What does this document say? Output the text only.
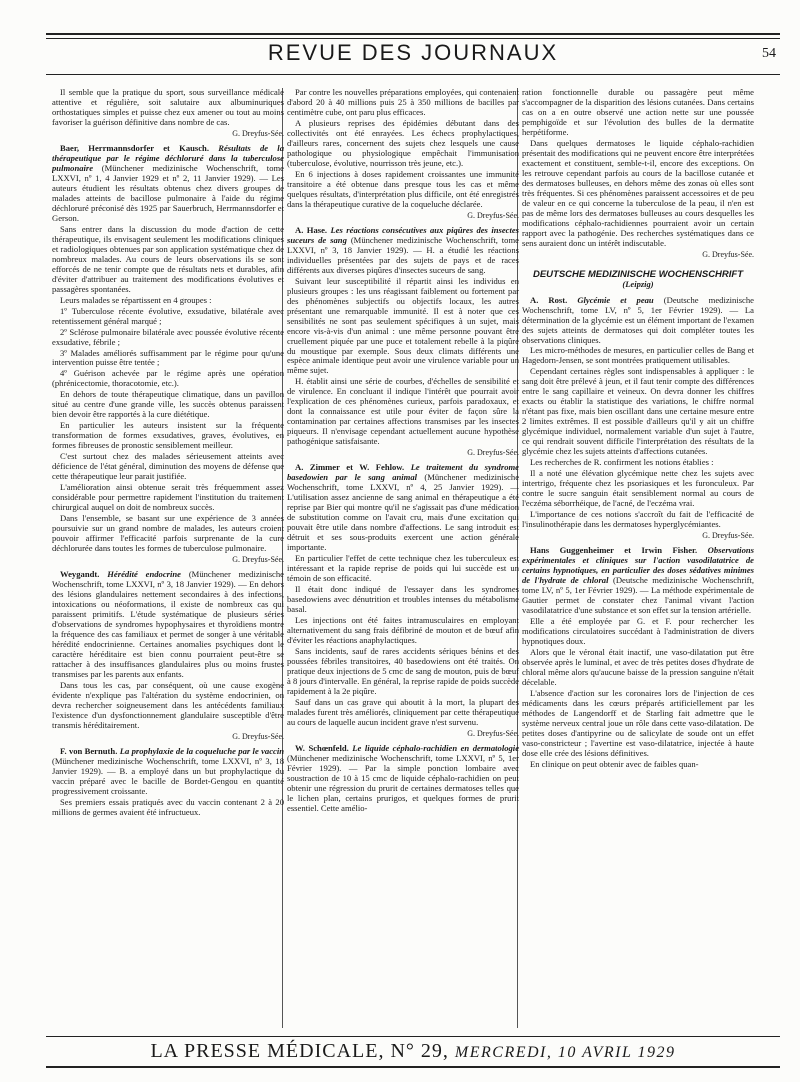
REVUE DES JOURNAUX	54

Il semble que la pratique du sport, sous surveillance médicale attentive et régulière, soit salutaire aux albuminuriques orthostatiques simples et puisse chez eux amener ou tout au moins favoriser la guérison définitive dans nombre de cas.

G. Dreyfus-Sée.

Baer, Herrmannsdorfer et Kausch. Résultats de la thérapeutique par le régime déchloruré dans la tuberculose pulmonaire (Münchener medizinische Wochenschrift, tome LXXVI, nº 1, 4 Janvier 1929 et nº 2, 11 Janvier 1929). — Les auteurs étudient les résultats obtenus chez divers groupes de malades atteints de bacillose pulmonaire à l'aide du régime déchloruré préconisé dès 1925 par Sauerbruch, Herrmannsdorfer et Gerson.

Sans entrer dans la discussion du mode d'action de cette thérapeutique, ils envisagent seulement les modifications cliniques et radiologiques obtenues par son application systématique chez de nombreux malades. Au cours de leurs observations ils se sont efforcés de ne tenir compte que de résultats nets et durables, afin d'éviter d'attribuer au traitement des modifications évolutives et passagères spontanées.

Leurs malades se répartissent en 4 groupes :

1º Tuberculose récente évolutive, exsudative, bilatérale avec retentissement général marqué ;

2º Sclérose pulmonaire bilatérale avec poussée évolutive récente exsudative, fébrile ;

3º Malades améliorés suffisamment par le régime pour qu'une intervention puisse être tentée ;

4º Guérison achevée par le régime après une opération (phrénicectomie, thoracotomie, etc.).

En dehors de toute thérapeutique climatique, dans un pavillon situé au centre d'une grande ville, les succès obtenus paraissent bien devoir être rapportés à la cure diététique.

En particulier les auteurs insistent sur la fréquente transformation de formes exsudatives, graves, évolutives, en formes fibreuses de pronostic sensiblement meilleur.

C'est surtout chez des malades sérieusement atteints avec déficience de l'état général, diminution des moyens de défense que cette thérapeutique leur parait justifiée.

L'amélioration ainsi obtenue serait très fréquemment assez considérable pour permettre rapidement l'institution du traitement chirurgical auquel on doit de nombreux succès.

Dans l'ensemble, se basant sur une expérience de 3 années poursuivie sur un grand nombre de malades, les auteurs croient pouvoir affirmer l'efficacité parfois surprenante de la cure déchlorurée dans toutes les formes de tuberculose pulmonaire.

G. Dreyfus-Sée.

Weygandt. Hérédité endocrine (Münchener medizinische Wochenschrift, tome LXXVI, nº 3, 18 Janvier 1929). — En dehors des lésions glandulaires nettement secondaires à des infections, intoxications ou néoformations, il existe de nombreux cas qui paraissent primitifs. L'étude systématique de plusieurs séries d'observations de syndromes hypophysaires et thyroïdiens montre la fréquence des cas familiaux et permet de songer à une véritable hérédité endocrinienne. Certaines anomalies psychiques dont le caractère héréditaire est bien connu pourraient peut-être se rattacher à des insuffisances glandulaires plus ou moins frustes transmises par les parents aux enfants.

Dans tous les cas, par conséquent, où une cause exogène évidente n'explique pas l'altération du système endocrinien, on devra rechercher soigneusement dans les antécédents familiaux l'existence d'un dysfonctionnement glandulaire susceptible d'être transmis héréditairement.

G. Dreyfus-Sée.

F. von Bernuth. La prophylaxie de la coqueluche par le vaccin (Münchener medizinische Wochenschrift, tome LXXVI, nº 3, 18 Janvier 1929). — B. a employé dans un but prophylactique du vaccin préparé avec le bacille de Bordet-Gengou en quantité progressivement croissante.

Ses premiers essais pratiqués avec du vaccin contenant 2 à 20 millions de germes avaient été infructueux.

Par contre les nouvelles préparations employées, qui contenaient d'abord 20 à 40 millions puis 25 à 350 millions de bacilles par centimètre cube, ont paru plus efficaces.

A plusieurs reprises des épidémies débutant dans des collectivités ont été enrayées. Les échecs prophylactiques, d'ailleurs rares, concernent des sujets chez lesquels une cause pathologique ou physiologique empêchait l'immunisation (tuberculose, évolutive, nourrisson très jeune, etc.).

En 6 injections à doses rapidement croissantes une immunité transitoire a été obtenue dans presque tous les cas et même quelques résultats, d'interprétation plus difficile, ont été enregistrés dans la thérapeutique curative de la coqueluche déclarée.

G. Dreyfus-Sée.

A. Hase. Les réactions consécutives aux piqûres des insectes suceurs de sang (Münchener medizinische Wochenschrift, tome LXXVI, nº 3, 18 Janvier 1929). — H. a étudié les réactions individuelles présentées par des sujets de pays et de races différents aux diverses piqûres d'insectes suceurs de sang.

Suivant leur susceptibilité il répartit ainsi les individus en plusieurs groupes : les uns réagissant faiblement ou fortement par des phénomènes subjectifs ou objectifs locaux, les autres présentant une remarquable immunité. Il est à noter que ces sensibilités ne sont pas seulement spécifiques à un sujet, mais encore vis-à-vis d'un animal : une même personne pouvant être cruellement piquée par une puce et totalement rebelle à la piqûre du moustique par exemple. Sous deux climats différents une espèce animale identique peut avoir une virulence variable pour un même sujet.

H. établit ainsi une série de courbes, d'échelles de sensibilité et de virulence. En concluant il indique l'intérêt que pourrait avoir l'explication de ces phénomènes curieux, parfois paradoxaux, et dont la connaissance est utile pour éviter de façon sûre la contamination par certaines affections transmises par les insectes piqueurs. Il n'envisage cependant actuellement aucune hypothèse pathogénique satisfaisante.

G. Dreyfus-Sée.

A. Zimmer et W. Fehlow. Le traitement du syndrome basedowien par le sang animal (Münchener medizinische Wochenschrift, tome LXXVI, nº 4, 25 Janvier 1929). — L'utilisation assez ancienne de sang animal en thérapeutique a été reprise par Bier qui montre qu'il ne s'agissait pas d'une médication de substitution comme on l'avait cru, mais d'une excitation qui pouvait être utile dans nombre d'affections. Le sang introduit est détruit et ses sous-produits exercent une action générale importante.

En particulier l'effet de cette technique chez les tuberculeux est intéressant et la rapide reprise de poids qui lui succède est un témoin de son efficacité.

Il était donc indiqué de l'essayer dans les syndromes basedowiens avec dénutrition et troubles intenses du métabolisme basal.

Les injections ont été faites intramusculaires en employant alternativement du sang frais défibriné de mouton et de bœuf afin d'éviter les réactions anaphylactiques.

Sans incidents, sauf de rares accidents sériques bénins et des poussées fébriles transitoires, 40 basedowiens ont été traités. On pratique deux injections de 5 cmc de sang de mouton, puis de bœuf à 8 jours d'intervalle. En général, la reprise rapide de poids succède rapidement à la 2e piqûre.

Sauf dans un cas grave qui aboutit à la mort, la plupart des malades furent très améliorés, cliniquement par cette thérapeutique au cours de laquelle aucun incident grave n'est survenu.

G. Dreyfus-Sée.

W. Schœnfeld. Le liquide céphalo-rachidien en dermatologie (Münchener medizinische Wochenschrift, tome LXXVI, nº 5, 1er Février 1929). — Par la simple ponction lombaire avec soustraction de 10 à 15 cmc de liquide céphalo-rachidien on peut obtenir une régression du prurit de certaines dermatoses telles que le lichen plan, certains prurigos, et quelques formes de prurit essentiel. Cette amélio-

ration fonctionnelle durable ou passagère peut même s'accompagner de la disparition des lésions cutanées. Dans certains cas on a en outre observé une action nette sur une poussée pemphigoïde et sur l'évolution des bulles de la dermatite herpétiforme.

Dans quelques dermatoses le liquide céphalo-rachidien présentait des modifications qui ne peuvent encore être interprétées exactement et constituent, semble-t-il, encore des exceptions. On les retrouve cependant parfois au cours de la bacillose cutanée et des dermatoses bulleuses, en dehors même des zonas où elles sont très fréquentes. Si ces phénomènes paraissent accessoires et de peu de valeur en ce qui concerne la tuberculose de la peau, il n'en est pas de même lors des dermatoses bulleuses au cours desquelles les modifications céphalo-rachidiennes pourraient avoir un certain rapport avec la pathogénie. Des recherches systématiques dans ce sens auraient donc un intérêt indiscutable.

G. Dreyfus-Sée.
DEUTSCHE MEDIZINISCHE WOCHENSCHRIFT
(Leipzig)

A. Rost. Glycémie et peau (Deutsche medizinische Wochenschrift, tome LV, nº 5, 1er Février 1929). — La détermination de la glycémie est un élément important de l'examen des sujets atteints de dermatoses qui doit compléter toutes les observations cliniques.

Les micro-méthodes de mesures, en particulier celles de Bang et Hagedorn-Jensen, se sont montrées pratiquement utilisables.

Cependant certaines règles sont indispensables à appliquer : le sang doit être prélevé à jeun, et il faut tenir compte des différences entre le sang capillaire et veineux. On devra donner les chiffres exacts ou établir la statistique des variations, le chiffre normal n'étant pas fixe, mais bien oscillant dans une certaine mesure entre 2 limites extrêmes. Il est possible d'ailleurs qu'il y ait un chiffre glycémique individuel, normalement variable d'un sujet à l'autre, ce qui rendrait souvent difficile l'interprétation des résultats de la glycémie chez les sujets atteints d'affections cutanées.

Les recherches de R. confirment les notions établies :

Il a noté une élévation glycémique nette chez les sujets avec intertrigo, fréquente chez les psoriasiques et les furonculeux. Par contre le sucre sanguin était sensiblement normal au cours de l'eczéma séborrhéique, de l'acné, de l'eczéma vrai.

L'importance de ces notions s'accroît du fait de l'efficacité de l'insulinothérapie dans les dermatoses hyperglycémiantes.

G. Dreyfus-Sée.

Hans Guggenheimer et Irwin Fisher. Observations expérimentales et cliniques sur l'action vasodilatatrice de certains hypnotiques, en particulier des doses sédatives minimes de l'hydrate de chloral (Deutsche medizinische Wochenschrift, tome LV, nº 5, 1er Février 1929). — La méthode expérimentale de Gautier permet de constater chez l'animal vivant l'action vasodilatatrice d'une substance et son effet sur la tension artérielle.

Elle a été employée par G. et F. pour rechercher les modifications circulatoires succédant à l'administration de divers hypnotiques doux.

Alors que le véronal était inactif, une vaso-dilatation put être observée après le luminal, et avec de très petites doses d'hydrate de chloral même alors qu'aucune baisse de la pression sanguine n'était décelable.

L'absence d'action sur les coronaires lors de l'injection de ces médicaments dans les cœurs préparés artificiellement par les méthodes de Langendorff et de Starling fait admettre que le système nerveux central joue un rôle dans cette vaso-dilatation. De petites doses d'antipyrine ou de salicylate de soude ont un effet vaso-constricteur ; l'avertine est vaso-dilatatrice, injectée à haute dose elle crée des lésions définitives.

En clinique on peut obtenir avec de faibles quan-

LA PRESSE MÉDICALE, N° 29, MERCREDI, 10 AVRIL 1929
